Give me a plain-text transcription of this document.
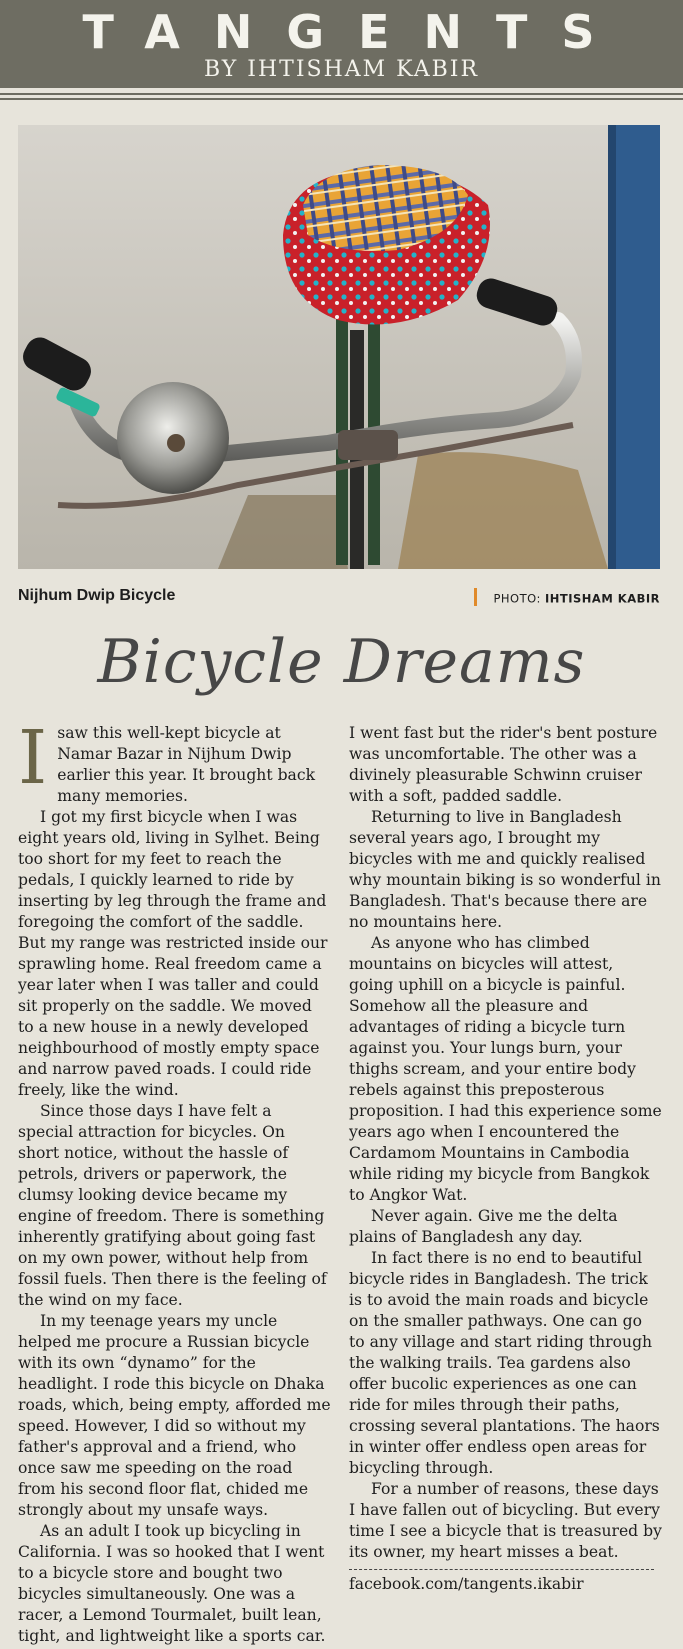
TANGENTS
BY IHTISHAM KABIR
Nijhum Dwip Bicycle	PHOTO: IHTISHAM KABIR
Bicycle Dreams

Isaw this well-kept bicycle at Namar Bazar in Nijhum Dwip earlier this year. It brought back many memories.

I got my first bicycle when I was eight years old, living in Sylhet. Being too short for my feet to reach the pedals, I quickly learned to ride by inserting by leg through the frame and foregoing the comfort of the saddle. But my range was restricted inside our sprawling home. Real freedom came a year later when I was taller and could sit properly on the saddle. We moved to a new house in a newly developed neighbourhood of mostly empty space and narrow paved roads. I could ride freely, like the wind.

Since those days I have felt a special attraction for bicycles. On short notice, without the hassle of petrols, drivers or paperwork, the clumsy looking device became my engine of freedom. There is something inherently gratifying about going fast on my own power, without help from fossil fuels. Then there is the feeling of the wind on my face.

In my teenage years my uncle helped me procure a Russian bicycle with its own “dynamo” for the headlight. I rode this bicycle on Dhaka roads, which, being empty, afforded me speed. However, I did so without my father's approval and a friend, who once saw me speeding on the road from his second floor flat, chided me strongly about my unsafe ways.

As an adult I took up bicycling in California. I was so hooked that I went to a bicycle store and bought two bicycles simultaneously. One was a racer, a Lemond Tourmalet, built lean, tight, and lightweight like a sports car.

I went fast but the rider's bent posture was uncomfortable. The other was a divinely pleasurable Schwinn cruiser with a soft, padded saddle.

Returning to live in Bangladesh several years ago, I brought my bicycles with me and quickly realised why mountain biking is so wonderful in Bangladesh. That's because there are no mountains here.

As anyone who has climbed mountains on bicycles will attest, going uphill on a bicycle is painful. Somehow all the pleasure and advantages of riding a bicycle turn against you. Your lungs burn, your thighs scream, and your entire body rebels against this preposterous proposition. I had this experience some years ago when I encountered the Cardamom Mountains in Cambodia while riding my bicycle from Bangkok to Angkor Wat.

Never again. Give me the delta plains of Bangladesh any day.

In fact there is no end to beautiful bicycle rides in Bangladesh. The trick is to avoid the main roads and bicycle on the smaller pathways. One can go to any village and start riding through the walking trails. Tea gardens also offer bucolic experiences as one can ride for miles through their paths, crossing several plantations. The haors in winter offer endless open areas for bicycling through.

For a number of reasons, these days I have fallen out of bicycling. But every time I see a bicycle that is treasured by its owner, my heart misses a beat.

facebook.com/tangents.ikabir
